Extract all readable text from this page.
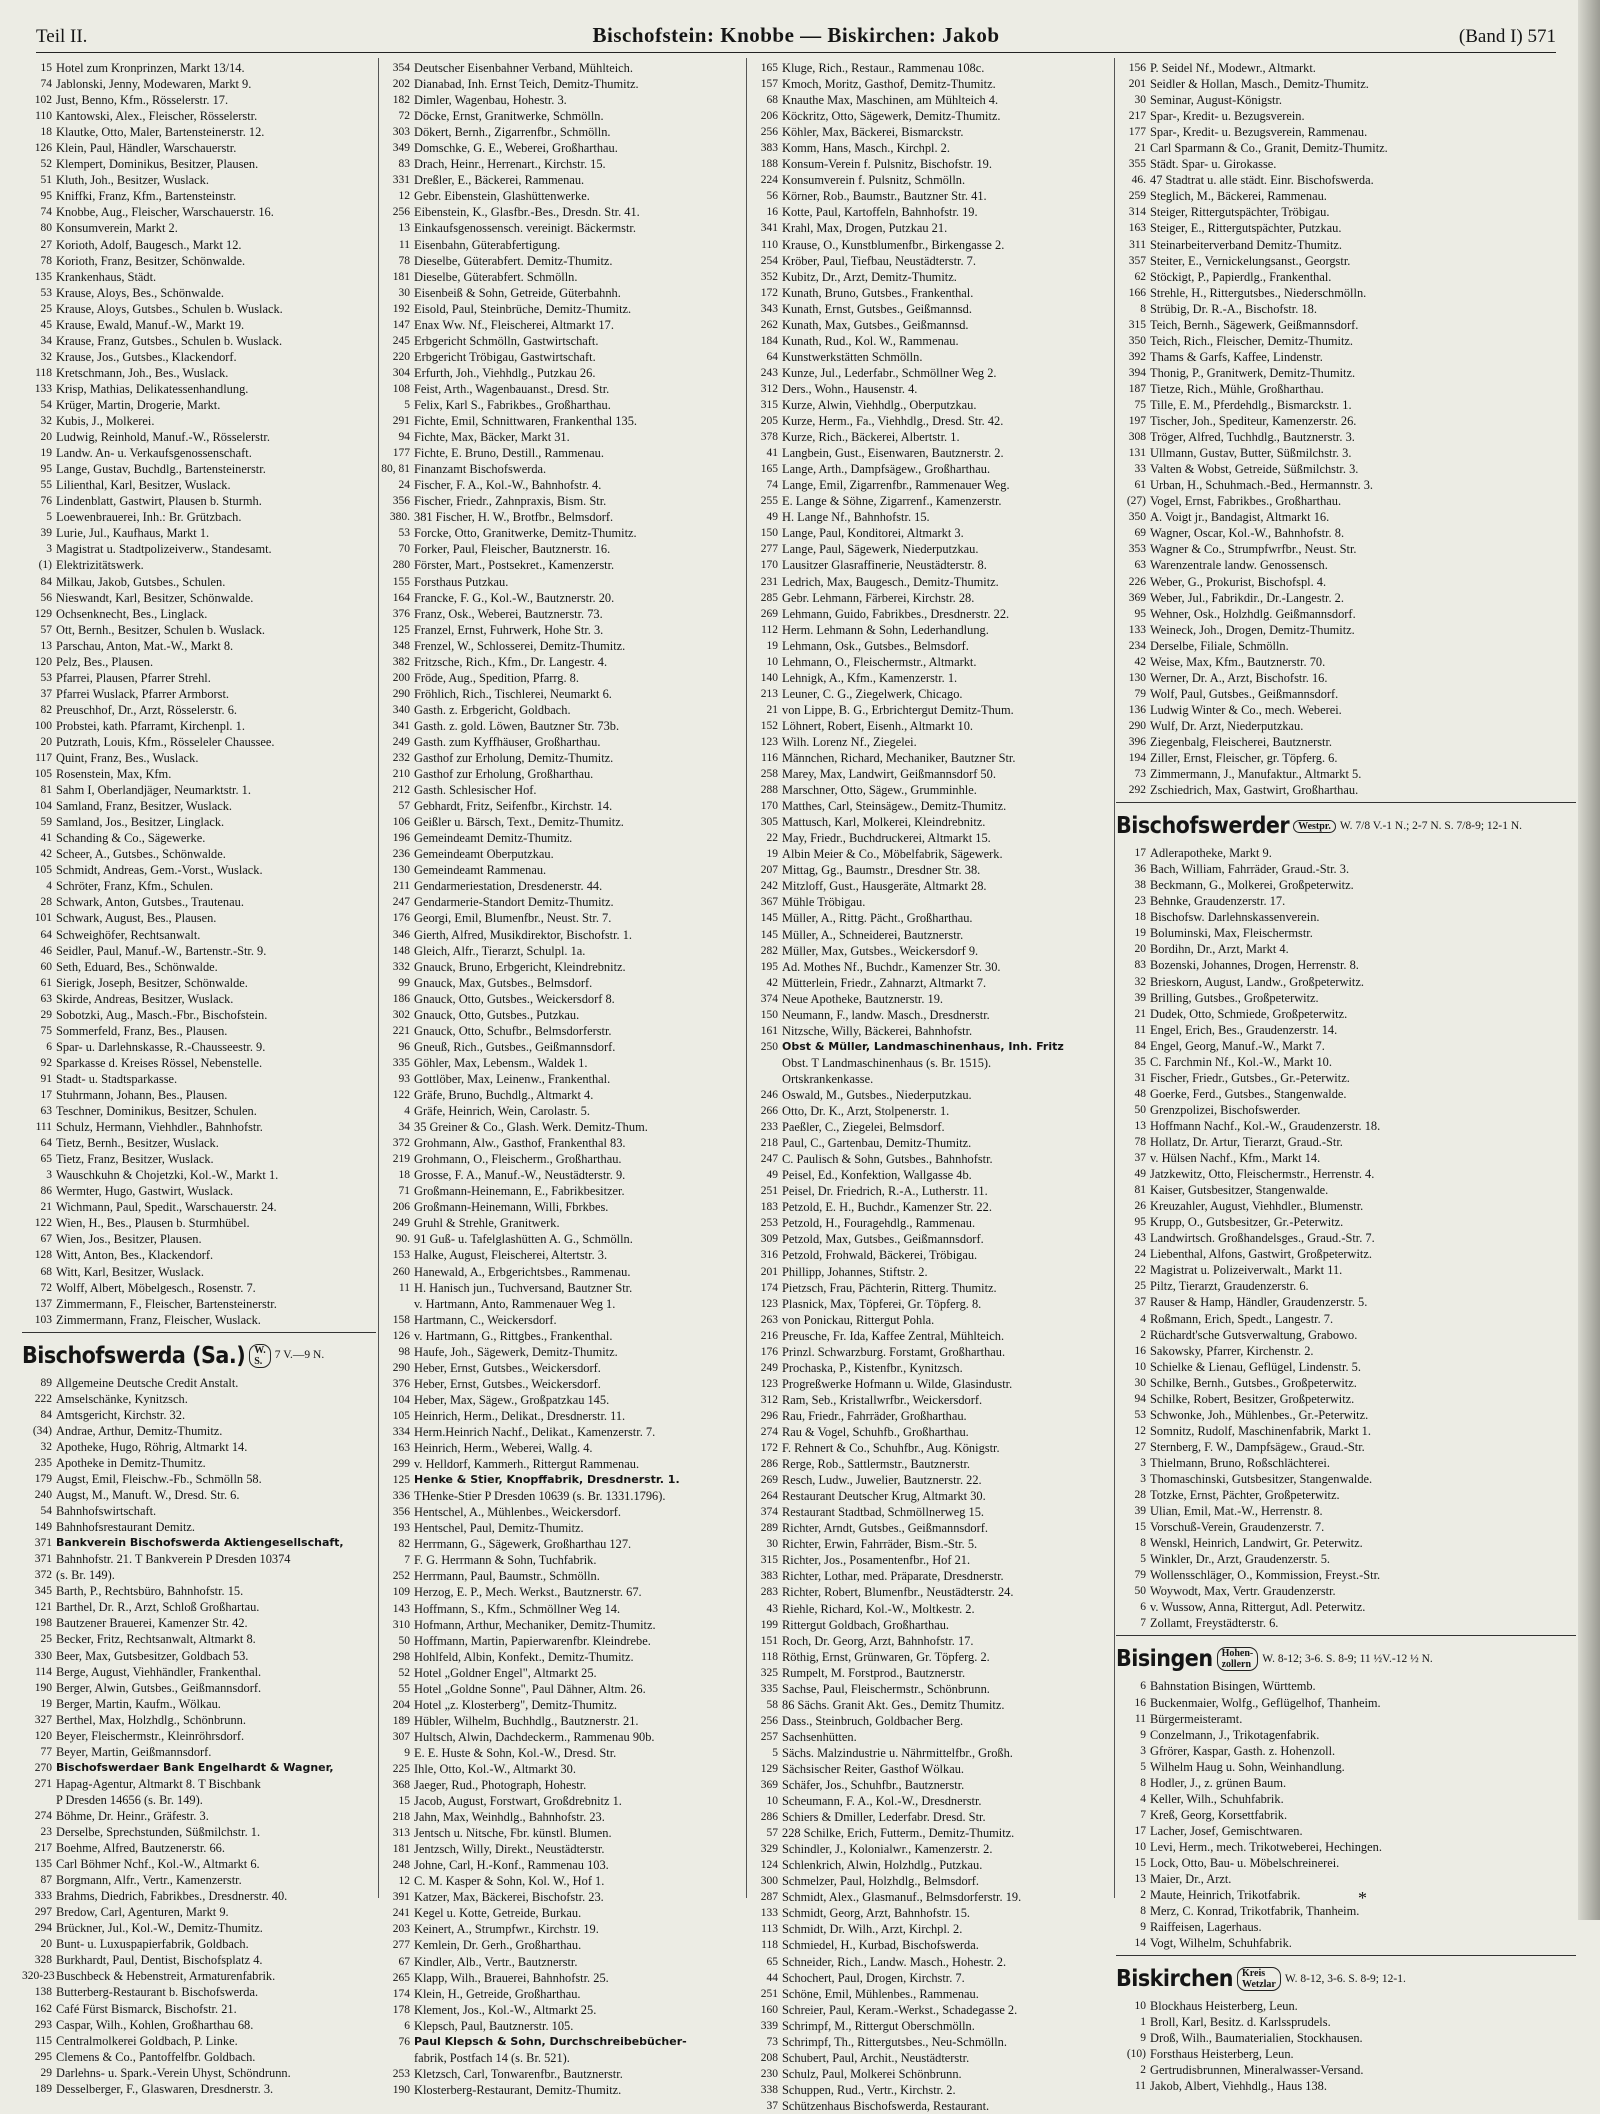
Teil II.	Bischofstein: Knobbe — Biskirchen: Jakob	(Band I) 571
15 Hotel zum Kronprinzen, Markt 13/14.
74 Jablonski, Jenny, Modewaren, Markt 9.
102 Just, Benno, Kfm., Rösselerstr. 17.
110 Kantowski, Alex., Fleischer, Rösselerstr.
18 Klautke, Otto, Maler, Bartensteinerstr. 12.
126 Klein, Paul, Händler, Warschauerstr.
52 Klempert, Dominikus, Besitzer, Plausen.
51 Kluth, Joh., Besitzer, Wuslack.
95 Kniffki, Franz, Kfm., Bartensteinstr.
74 Knobbe, Aug., Fleischer, Warschauerstr. 16.
80 Konsumverein, Markt 2.
27 Korioth, Adolf, Baugesch., Markt 12.
78 Korioth, Franz, Besitzer, Schönwalde.
135 Krankenhaus, Städt.
53 Krause, Aloys, Bes., Schönwalde.
25 Krause, Aloys, Gutsbes., Schulen b. Wuslack.
45 Krause, Ewald, Manuf.-W., Markt 19.
34 Krause, Franz, Gutsbes., Schulen b. Wuslack.
32 Krause, Jos., Gutsbes., Klackendorf.
118 Kretschmann, Joh., Bes., Wuslack.
133 Krisp, Mathias, Delikatessenhandlung.
54 Krüger, Martin, Drogerie, Markt.
32 Kubis, J., Molkerei.
20 Ludwig, Reinhold, Manuf.-W., Rösselerstr.
19 Landw. An- u. Verkaufsgenossenschaft.
95 Lange, Gustav, Buchdlg., Bartensteinerstr.
55 Lilienthal, Karl, Besitzer, Wuslack.
76 Lindenblatt, Gastwirt, Plausen b. Sturmh.
5 Loewenbrauerei, Inh.: Br. Grützbach.
39 Lurie, Jul., Kaufhaus, Markt 1.
3 Magistrat u. Stadtpolizeiverw., Standesamt.
(1) Elektrizitätswerk.
84 Milkau, Jakob, Gutsbes., Schulen.
56 Nieswandt, Karl, Besitzer, Schönwalde.
129 Ochsenknecht, Bes., Linglack.
57 Ott, Bernh., Besitzer, Schulen b. Wuslack.
13 Parschau, Anton, Mat.-W., Markt 8.
120 Pelz, Bes., Plausen.
53 Pfarrei, Plausen, Pfarrer Strehl.
37 Pfarrei Wuslack, Pfarrer Armborst.
82 Preuschhof, Dr., Arzt, Rösselerstr. 6.
100 Probstei, kath. Pfarramt, Kirchenpl. 1.
20 Putzrath, Louis, Kfm., Rösseleler Chaussee.
117 Quint, Franz, Bes., Wuslack.
105 Rosenstein, Max, Kfm.
81 Sahm I, Oberlandjäger, Neumarktstr. 1.
104 Samland, Franz, Besitzer, Wuslack.
59 Samland, Jos., Besitzer, Linglack.
41 Schanding & Co., Sägewerke.
42 Scheer, A., Gutsbes., Schönwalde.
105 Schmidt, Andreas, Gem.-Vorst., Wuslack.
4 Schröter, Franz, Kfm., Schulen.
28 Schwark, Anton, Gutsbes., Trautenau.
101 Schwark, August, Bes., Plausen.
64 Schweighöfer, Rechtsanwalt.
46 Seidler, Paul, Manuf.-W., Bartenstr.-Str. 9.
60 Seth, Eduard, Bes., Schönwalde.
61 Sierigk, Joseph, Besitzer, Schönwalde.
63 Skirde, Andreas, Besitzer, Wuslack.
29 Sobotzki, Aug., Masch.-Fbr., Bischofstein.
75 Sommerfeld, Franz, Bes., Plausen.
6 Spar- u. Darlehnskasse, R.-Chausseestr. 9.
92 Sparkasse d. Kreises Rössel, Nebenstelle.
91 Stadt- u. Stadtsparkasse.
17 Stuhrmann, Johann, Bes., Plausen.
63 Teschner, Dominikus, Besitzer, Schulen.
111 Schulz, Hermann, Viehhdler., Bahnhofstr.
64 Tietz, Bernh., Besitzer, Wuslack.
65 Tietz, Franz, Besitzer, Wuslack.
3 Wauschkuhn & Chojetzki, Kol.-W., Markt 1.
86 Wermter, Hugo, Gastwirt, Wuslack.
21 Wichmann, Paul, Spedit., Warschauerstr. 24.
122 Wien, H., Bes., Plausen b. Sturmhübel.
67 Wien, Jos., Besitzer, Plausen.
128 Witt, Anton, Bes., Klackendorf.
68 Witt, Karl, Besitzer, Wuslack.
72 Wolff, Albert, Möbelgesch., Rosenstr. 7.
137 Zimmermann, F., Fleischer, Bartensteinerstr.
103 Zimmermann, Franz, Fleischer, Wuslack.
Bischofswerda (Sa.) W.
S.	7 V.—9 N.
89 Allgemeine Deutsche Credit Anstalt.
222 Amselschänke, Kynitzsch.
84 Amtsgericht, Kirchstr. 32.
(34) Andrae, Arthur, Demitz-Thumitz.
32 Apotheke, Hugo, Röhrig, Altmarkt 14.
235 Apotheke in Demitz-Thumitz.
179 Augst, Emil, Fleischw.-Fb., Schmölln 58.
240 Augst, M., Manuft. W., Dresd. Str. 6.
54 Bahnhofswirtschaft.
149 Bahnhofsrestaurant Demitz.
371 Bankverein Bischofswerda Aktiengesellschaft,
371 Bahnhofstr. 21. T Bankverein P Dresden 10374
372 (s. Br. 149).
345 Barth, P., Rechtsbüro, Bahnhofstr. 15.
121 Barthel, Dr. R., Arzt, Schloß Großhartau.
198 Bautzener Brauerei, Kamenzer Str. 42.
25 Becker, Fritz, Rechtsanwalt, Altmarkt 8.
330 Beer, Max, Gutsbesitzer, Goldbach 53.
114 Berge, August, Viehhändler, Frankenthal.
190 Berger, Alwin, Gutsbes., Geißmannsdorf.
19 Berger, Martin, Kaufm., Wölkau.
327 Berthel, Max, Holzhdlg., Schönbrunn.
120 Beyer, Fleischermstr., Kleinröhrsdorf.
77 Beyer, Martin, Geißmannsdorf.
270 Bischofswerdaer Bank Engelhardt & Wagner,
271 Hapag-Agentur, Altmarkt 8. T Bischbank
P Dresden 14656 (s. Br. 149).
274 Böhme, Dr. Heinr., Gräfestr. 3.
23 Derselbe, Sprechstunden, Süßmilchstr. 1.
217 Boehme, Alfred, Bautzenerstr. 66.
135 Carl Böhmer Nchf., Kol.-W., Altmarkt 6.
87 Borgmann, Alfr., Vertr., Kamenzerstr.
333 Brahms, Diedrich, Fabrikbes., Dresdnerstr. 40.
297 Bredow, Carl, Agenturen, Markt 9.
294 Brückner, Jul., Kol.-W., Demitz-Thumitz.
20 Bunt- u. Luxuspapierfabrik, Goldbach.
328 Burkhardt, Paul, Dentist, Bischofsplatz 4.
320-23 Buschbeck & Hebenstreit, Armaturenfabrik.
138 Butterberg-Restaurant b. Bischofswerda.
162 Café Fürst Bismarck, Bischofstr. 21.
293 Caspar, Wilh., Kohlen, Großharthau 68.
115 Centralmolkerei Goldbach, P. Linke.
295 Clemens & Co., Pantoffelfbr. Goldbach.
29 Darlehns- u. Spark.-Verein Uhyst, Schöndrunn.
189 Desselberger, F., Glaswaren, Dresdnerstr. 3.
354 Deutscher Eisenbahner Verband, Mühlteich.
202 Dianabad, Inh. Ernst Teich, Demitz-Thumitz.
182 Dimler, Wagenbau, Hohestr. 3.
72 Döcke, Ernst, Granitwerke, Schmölln.
303 Dökert, Bernh., Zigarrenfbr., Schmölln.
349 Domschke, G. E., Weberei, Großharthau.
83 Drach, Heinr., Herrenart., Kirchstr. 15.
331 Dreßler, E., Bäckerei, Rammenau.
12 Gebr. Eibenstein, Glashüttenwerke.
256 Eibenstein, K., Glasfbr.-Bes., Dresdn. Str. 41.
13 Einkaufsgenossensch. vereinigt. Bäckermstr.
11 Eisenbahn, Güterabfertigung.
78 Dieselbe, Güterabfert. Demitz-Thumitz.
181 Dieselbe, Güterabfert. Schmölln.
30 Eisenbeiß & Sohn, Getreide, Güterbahnh.
192 Eisold, Paul, Steinbrüche, Demitz-Thumitz.
147 Enax Ww. Nf., Fleischerei, Altmarkt 17.
245 Erbgericht Schmölln, Gastwirtschaft.
220 Erbgericht Tröbigau, Gastwirtschaft.
304 Erfurth, Joh., Viehhdlg., Putzkau 26.
108 Feist, Arth., Wagenbauanst., Dresd. Str.
5 Felix, Karl S., Fabrikbes., Großharthau.
291 Fichte, Emil, Schnittwaren, Frankenthal 135.
94 Fichte, Max, Bäcker, Markt 31.
177 Fichte, E. Bruno, Destill., Rammenau.
80, 81 Finanzamt Bischofswerda.
24 Fischer, F. A., Kol.-W., Bahnhofstr. 4.
356 Fischer, Friedr., Zahnpraxis, Bism. Str.
380. 381 Fischer, H. W., Brotfbr., Belmsdorf.
53 Forcke, Otto, Granitwerke, Demitz-Thumitz.
70 Forker, Paul, Fleischer, Bautznerstr. 16.
280 Förster, Mart., Postsekret., Kamenzerstr.
155 Forsthaus Putzkau.
164 Francke, F. G., Kol.-W., Bautznerstr. 20.
376 Franz, Osk., Weberei, Bautznerstr. 73.
125 Franzel, Ernst, Fuhrwerk, Hohe Str. 3.
348 Frenzel, W., Schlosserei, Demitz-Thumitz.
382 Fritzsche, Rich., Kfm., Dr. Langestr. 4.
200 Fröde, Aug., Spedition, Pfarrg. 8.
290 Fröhlich, Rich., Tischlerei, Neumarkt 6.
340 Gasth. z. Erbgericht, Goldbach.
341 Gasth. z. gold. Löwen, Bautzner Str. 73b.
249 Gasth. zum Kyffhäuser, Großharthau.
232 Gasthof zur Erholung, Demitz-Thumitz.
210 Gasthof zur Erholung, Großharthau.
212 Gasth. Schlesischer Hof.
57 Gebhardt, Fritz, Seifenfbr., Kirchstr. 14.
106 Geißler u. Bärsch, Text., Demitz-Thumitz.
196 Gemeindeamt Demitz-Thumitz.
236 Gemeindeamt Oberputzkau.
130 Gemeindeamt Rammenau.
211 Gendarmeriestation, Dresdenerstr. 44.
247 Gendarmerie-Standort Demitz-Thumitz.
176 Georgi, Emil, Blumenfbr., Neust. Str. 7.
346 Gierth, Alfred, Musikdirektor, Bischofstr. 1.
148 Gleich, Alfr., Tierarzt, Schulpl. 1a.
332 Gnauck, Bruno, Erbgericht, Kleindrebnitz.
99 Gnauck, Max, Gutsbes., Belmsdorf.
186 Gnauck, Otto, Gutsbes., Weickersdorf 8.
302 Gnauck, Otto, Gutsbes., Putzkau.
221 Gnauck, Otto, Schufbr., Belmsdorferstr.
96 Gneuß, Rich., Gutsbes., Geißmannsdorf.
335 Göhler, Max, Lebensm., Waldek 1.
93 Gottlöber, Max, Leinenw., Frankenthal.
122 Gräfe, Bruno, Buchdlg., Altmarkt 4.
4 Gräfe, Heinrich, Wein, Carolastr. 5.
34 35 Greiner & Co., Glash. Werk. Demitz-Thum.
372 Grohmann, Alw., Gasthof, Frankenthal 83.
219 Grohmann, O., Fleischerm., Großharthau.
18 Grosse, F. A., Manuf.-W., Neustädterstr. 9.
71 Großmann-Heinemann, E., Fabrikbesitzer.
206 Großmann-Heinemann, Willi, Fbrkbes.
249 Gruhl & Strehle, Granitwerk.
90. 91 Guß- u. Tafelglashütten A. G., Schmölln.
153 Halke, August, Fleischerei, Altertstr. 3.
260 Hanewald, A., Erbgerichtsbes., Rammenau.
11 H. Hanisch jun., Tuchversand, Bautzner Str.
v. Hartmann, Anto, Rammenauer Weg 1.
158 Hartmann, C., Weickersdorf.
126 v. Hartmann, G., Rittgbes., Frankenthal.
98 Haufe, Joh., Sägewerk, Demitz-Thumitz.
290 Heber, Ernst, Gutsbes., Weickersdorf.
376 Heber, Ernst, Gutsbes., Weickersdorf.
104 Heber, Max, Sägew., Großpatzkau 145.
105 Heinrich, Herm., Delikat., Dresdnerstr. 11.
334 Herm.Heinrich Nachf., Delikat., Kamenzerstr. 7.
163 Heinrich, Herm., Weberei, Wallg. 4.
299 v. Helldorf, Kammerh., Rittergut Rammenau.
125 Henke & Stier, Knopffabrik, Dresdnerstr. 1.
336 THenke-Stier P Dresden 10639 (s. Br. 1331.1796).
356 Hentschel, A., Mühlenbes., Weickersdorf.
193 Hentschel, Paul, Demitz-Thumitz.
82 Herrmann, G., Sägewerk, Großharthau 127.
7 F. G. Herrmann & Sohn, Tuchfabrik.
252 Herrmann, Paul, Baumstr., Schmölln.
109 Herzog, E. P., Mech. Werkst., Bautznerstr. 67.
143 Hoffmann, S., Kfm., Schmöllner Weg 14.
310 Hofmann, Arthur, Mechaniker, Demitz-Thumitz.
50 Hoffmann, Martin, Papierwarenfbr. Kleindrebe.
298 Hohlfeld, Albin, Konfekt., Demitz-Thumitz.
52 Hotel „Goldner Engel", Altmarkt 25.
55 Hotel „Goldne Sonne", Paul Dähner, Altm. 26.
204 Hotel „z. Klosterberg", Demitz-Thumitz.
189 Hübler, Wilhelm, Buchhdlg., Bautznerstr. 21.
307 Hultsch, Alwin, Dachdeckerm., Rammenau 90b.
9 E. E. Huste & Sohn, Kol.-W., Dresd. Str.
225 Ihle, Otto, Kol.-W., Altmarkt 30.
368 Jaeger, Rud., Photograph, Hohestr.
15 Jacob, August, Forstwart, Großdrebnitz 1.
218 Jahn, Max, Weinhdlg., Bahnhofstr. 23.
313 Jentsch u. Nitsche, Fbr. künstl. Blumen.
181 Jentzsch, Willy, Direkt., Neustädterstr.
248 Johne, Carl, H.-Konf., Rammenau 103.
12 C. M. Kasper & Sohn, Kol. W., Hof 1.
391 Katzer, Max, Bäckerei, Bischofstr. 23.
241 Kegel u. Kotte, Getreide, Burkau.
203 Keinert, A., Strumpfwr., Kirchstr. 19.
277 Kemlein, Dr. Gerh., Großharthau.
67 Kindler, Alb., Vertr., Bautznerstr.
265 Klapp, Wilh., Brauerei, Bahnhofstr. 25.
174 Klein, H., Getreide, Großharthau.
178 Klement, Jos., Kol.-W., Altmarkt 25.
6 Klepsch, Paul, Bautznerstr. 105.
76 Paul Klepsch & Sohn, Durchschreibebücher-
fabrik, Postfach 14 (s. Br. 521).
253 Kletzsch, Carl, Tonwarenfbr., Bautznerstr.
190 Klosterberg-Restaurant, Demitz-Thumitz.
165 Kluge, Rich., Restaur., Rammenau 108c.
157 Kmoch, Moritz, Gasthof, Demitz-Thumitz.
68 Knauthe Max, Maschinen, am Mühlteich 4.
206 Köckritz, Otto, Sägewerk, Demitz-Thumitz.
256 Köhler, Max, Bäckerei, Bismarckstr.
383 Komm, Hans, Masch., Kirchpl. 2.
188 Konsum-Verein f. Pulsnitz, Bischofstr. 19.
224 Konsumverein f. Pulsnitz, Schmölln.
56 Körner, Rob., Baumstr., Bautzner Str. 41.
16 Kotte, Paul, Kartoffeln, Bahnhofstr. 19.
341 Krahl, Max, Drogen, Putzkau 21.
110 Krause, O., Kunstblumenfbr., Birkengasse 2.
254 Kröber, Paul, Tiefbau, Neustädterstr. 7.
352 Kubitz, Dr., Arzt, Demitz-Thumitz.
172 Kunath, Bruno, Gutsbes., Frankenthal.
343 Kunath, Ernst, Gutsbes., Geißmannsd.
262 Kunath, Max, Gutsbes., Geißmannsd.
184 Kunath, Rud., Kol. W., Rammenau.
64 Kunstwerkstätten Schmölln.
243 Kunze, Jul., Lederfabr., Schmöllner Weg 2.
312 Ders., Wohn., Hausenstr. 4.
315 Kurze, Alwin, Viehhdlg., Oberputzkau.
205 Kurze, Herm., Fa., Viehhdlg., Dresd. Str. 42.
378 Kurze, Rich., Bäckerei, Albertstr. 1.
41 Langbein, Gust., Eisenwaren, Bautznerstr. 2.
165 Lange, Arth., Dampfsägew., Großharthau.
74 Lange, Emil, Zigarrenfbr., Rammenauer Weg.
255 E. Lange & Söhne, Zigarrenf., Kamenzerstr.
49 H. Lange Nf., Bahnhofstr. 15.
150 Lange, Paul, Konditorei, Altmarkt 3.
277 Lange, Paul, Sägewerk, Niederputzkau.
170 Lausitzer Glasraffinerie, Neustädterstr. 8.
231 Ledrich, Max, Baugesch., Demitz-Thumitz.
285 Gebr. Lehmann, Färberei, Kirchstr. 28.
269 Lehmann, Guido, Fabrikbes., Dresdnerstr. 22.
112 Herm. Lehmann & Sohn, Lederhandlung.
19 Lehmann, Osk., Gutsbes., Belmsdorf.
10 Lehmann, O., Fleischermstr., Altmarkt.
140 Lehnigk, A., Kfm., Kamenzerstr. 1.
213 Leuner, C. G., Ziegelwerk, Chicago.
21 von Lippe, B. G., Erbrichtergut Demitz-Thum.
152 Löhnert, Robert, Eisenh., Altmarkt 10.
123 Wilh. Lorenz Nf., Ziegelei.
116 Männchen, Richard, Mechaniker, Bautzner Str.
258 Marey, Max, Landwirt, Geißmannsdorf 50.
288 Marschner, Otto, Sägew., Grumminhle.
170 Matthes, Carl, Steinsägew., Demitz-Thumitz.
305 Mattusch, Karl, Molkerei, Kleindrebnitz.
22 May, Friedr., Buchdruckerei, Altmarkt 15.
19 Albin Meier & Co., Möbelfabrik, Sägewerk.
207 Mittag, Gg., Baumstr., Dresdner Str. 38.
242 Mitzloff, Gust., Hausgeräte, Altmarkt 28.
367 Mühle Tröbigau.
145 Müller, A., Rittg. Pächt., Großharthau.
145 Müller, A., Schneiderei, Bautznerstr.
282 Müller, Max, Gutsbes., Weickersdorf 9.
195 Ad. Mothes Nf., Buchdr., Kamenzer Str. 30.
42 Mütterlein, Friedr., Zahnarzt, Altmarkt 7.
374 Neue Apotheke, Bautznerstr. 19.
150 Neumann, F., landw. Masch., Dresdnerstr.
161 Nitzsche, Willy, Bäckerei, Bahnhofstr.
250 Obst & Müller, Landmaschinenhaus, Inh. Fritz
Obst. T Landmaschinenhaus (s. Br. 1515).
Ortskrankenkasse.
246 Oswald, M., Gutsbes., Niederputzkau.
266 Otto, Dr. K., Arzt, Stolpenerstr. 1.
233 Paeßler, C., Ziegelei, Belmsdorf.
218 Paul, C., Gartenbau, Demitz-Thumitz.
247 C. Paulisch & Sohn, Gutsbes., Bahnhofstr.
49 Peisel, Ed., Konfektion, Wallgasse 4b.
251 Peisel, Dr. Friedrich, R.-A., Lutherstr. 11.
183 Petzold, E. H., Buchdr., Kamenzer Str. 22.
253 Petzold, H., Fouragehdlg., Rammenau.
309 Petzold, Max, Gutsbes., Geißmannsdorf.
316 Petzold, Frohwald, Bäckerei, Tröbigau.
201 Phillipp, Johannes, Stiftstr. 2.
174 Pietzsch, Frau, Pächterin, Ritterg. Thumitz.
123 Plasnick, Max, Töpferei, Gr. Töpferg. 8.
263 von Ponickau, Rittergut Pohla.
216 Preusche, Fr. Ida, Kaffee Zentral, Mühlteich.
176 Prinzl. Schwarzburg. Forstamt, Großharthau.
249 Prochaska, P., Kistenfbr., Kynitzsch.
123 Progreßwerke Hofmann u. Wilde, Glasindustr.
312 Ram, Seb., Kristallwrfbr., Weickersdorf.
296 Rau, Friedr., Fahrräder, Großharthau.
274 Rau & Vogel, Schuhfb., Großharthau.
172 F. Rehnert & Co., Schuhfbr., Aug. Königstr.
286 Rerge, Rob., Sattlermstr., Bautznerstr.
269 Resch, Ludw., Juwelier, Bautznerstr. 22.
264 Restaurant Deutscher Krug, Altmarkt 30.
374 Restaurant Stadtbad, Schmöllnerweg 15.
289 Richter, Arndt, Gutsbes., Geißmannsdorf.
30 Richter, Erwin, Fahrräder, Bism.-Str. 5.
315 Richter, Jos., Posamentenfbr., Hof 21.
383 Richter, Lothar, med. Präparate, Dresdnerstr.
283 Richter, Robert, Blumenfbr., Neustädterstr. 24.
43 Riehle, Richard, Kol.-W., Moltkestr. 2.
199 Rittergut Goldbach, Großharthau.
151 Roch, Dr. Georg, Arzt, Bahnhofstr. 17.
118 Röthig, Ernst, Grünwaren, Gr. Töpferg. 2.
325 Rumpelt, M. Forstprod., Bautznerstr.
335 Sachse, Paul, Fleischermstr., Schönbrunn.
58 86 Sächs. Granit Akt. Ges., Demitz Thumitz.
256 Dass., Steinbruch, Goldbacher Berg.
257 Sachsenhütten.
5 Sächs. Malzindustrie u. Nährmittelfbr., Großh.
129 Sächsischer Reiter, Gasthof Wölkau.
369 Schäfer, Jos., Schuhfbr., Bautznerstr.
10 Scheumann, F. A., Kol.-W., Dresdnerstr.
286 Schiers & Dmiller, Lederfabr. Dresd. Str.
57 228 Schilke, Erich, Futterm., Demitz-Thumitz.
329 Schindler, J., Kolonialwr., Kamenzerstr. 2.
124 Schlenkrich, Alwin, Holzhdlg., Putzkau.
300 Schmelzer, Paul, Holzhdlg., Belmsdorf.
287 Schmidt, Alex., Glasmanuf., Belmsdorferstr. 19.
133 Schmidt, Georg, Arzt, Bahnhofstr. 15.
113 Schmidt, Dr. Wilh., Arzt, Kirchpl. 2.
118 Schmiedel, H., Kurbad, Bischofswerda.
65 Schneider, Rich., Landw. Masch., Hohestr. 2.
44 Schochert, Paul, Drogen, Kirchstr. 7.
251 Schöne, Emil, Mühlenbes., Rammenau.
160 Schreier, Paul, Keram.-Werkst., Schadegasse 2.
339 Schrimpf, M., Rittergut Oberschmölln.
73 Schrimpf, Th., Rittergutsbes., Neu-Schmölln.
208 Schubert, Paul, Archit., Neustädterstr.
230 Schulz, Paul, Molkerei Schönbrunn.
338 Schuppen, Rud., Vertr., Kirchstr. 2.
37 Schützenhaus Bischofswerda, Restaurant.
156 P. Seidel Nf., Modewr., Altmarkt.
201 Seidler & Hollan, Masch., Demitz-Thumitz.
30 Seminar, August-Königstr.
217 Spar-, Kredit- u. Bezugsverein.
177 Spar-, Kredit- u. Bezugsverein, Rammenau.
21 Carl Sparmann & Co., Granit, Demitz-Thumitz.
355 Städt. Spar- u. Girokasse.
46. 47 Stadtrat u. alle städt. Einr. Bischofswerda.
259 Steglich, M., Bäckerei, Rammenau.
314 Steiger, Rittergutspächter, Tröbigau.
163 Steiger, E., Rittergutspächter, Putzkau.
311 Steinarbeiterverband Demitz-Thumitz.
357 Steiter, E., Vernickelungsanst., Georgstr.
62 Stöckigt, P., Papierdlg., Frankenthal.
166 Strehle, H., Rittergutsbes., Niederschmölln.
8 Strübig, Dr. R.-A., Bischofstr. 18.
315 Teich, Bernh., Sägewerk, Geißmannsdorf.
350 Teich, Rich., Fleischer, Demitz-Thumitz.
392 Thams & Garfs, Kaffee, Lindenstr.
394 Thonig, P., Granitwerk, Demitz-Thumitz.
187 Tietze, Rich., Mühle, Großharthau.
75 Tille, E. M., Pferdehdlg., Bismarckstr. 1.
197 Tischer, Joh., Spediteur, Kamenzerstr. 26.
308 Tröger, Alfred, Tuchhdlg., Bautznerstr. 3.
131 Ullmann, Gustav, Butter, Süßmilchstr. 3.
33 Valten & Wobst, Getreide, Süßmilchstr. 3.
61 Urban, H., Schuhmach.-Bed., Hermannstr. 3.
(27) Vogel, Ernst, Fabrikbes., Großharthau.
350 A. Voigt jr., Bandagist, Altmarkt 16.
69 Wagner, Oscar, Kol.-W., Bahnhofstr. 8.
353 Wagner & Co., Strumpfwrfbr., Neust. Str.
63 Warenzentrale landw. Genossensch.
226 Weber, G., Prokurist, Bischofspl. 4.
369 Weber, Jul., Fabrikdir., Dr.-Langestr. 2.
95 Wehner, Osk., Holzhdlg. Geißmannsdorf.
133 Weineck, Joh., Drogen, Demitz-Thumitz.
234 Derselbe, Filiale, Schmölln.
42 Weise, Max, Kfm., Bautznerstr. 70.
130 Werner, Dr. A., Arzt, Bischofstr. 16.
79 Wolf, Paul, Gutsbes., Geißmannsdorf.
136 Ludwig Winter & Co., mech. Weberei.
290 Wulf, Dr. Arzt, Niederputzkau.
396 Ziegenbalg, Fleischerei, Bautznerstr.
194 Ziller, Ernst, Fleischer, gr. Töpferg. 6.
73 Zimmermann, J., Manufaktur., Altmarkt 5.
292 Zschiedrich, Max, Gastwirt, Großharthau.
Bischofswerder Westpr. W. 7/8 V.-1 N.; 2-7 N. S. 7/8-9; 12-1 N.
17 Adlerapotheke, Markt 9.
36 Bach, William, Fahrräder, Graud.-Str. 3.
38 Beckmann, G., Molkerei, Großpeterwitz.
23 Behnke, Graudenzerstr. 17.
18 Bischofsw. Darlehnskassenverein.
19 Boluminski, Max, Fleischermstr.
20 Bordihn, Dr., Arzt, Markt 4.
83 Bozenski, Johannes, Drogen, Herrenstr. 8.
32 Brieskorn, August, Landw., Großpeterwitz.
39 Brilling, Gutsbes., Großpeterwitz.
21 Dudek, Otto, Schmiede, Großpeterwitz.
11 Engel, Erich, Bes., Graudenzerstr. 14.
84 Engel, Georg, Manuf.-W., Markt 7.
35 C. Farchmin Nf., Kol.-W., Markt 10.
31 Fischer, Friedr., Gutsbes., Gr.-Peterwitz.
48 Goerke, Ferd., Gutsbes., Stangenwalde.
50 Grenzpolizei, Bischofswerder.
13 Hoffmann Nachf., Kol.-W., Graudenzerstr. 18.
78 Hollatz, Dr. Artur, Tierarzt, Graud.-Str.
37 v. Hülsen Nachf., Kfm., Markt 14.
49 Jatzkewitz, Otto, Fleischermstr., Herrenstr. 4.
81 Kaiser, Gutsbesitzer, Stangenwalde.
26 Kreuzahler, August, Viehhdler., Blumenstr.
95 Krupp, O., Gutsbesitzer, Gr.-Peterwitz.
43 Landwirtsch. Großhandelsges., Graud.-Str. 7.
24 Liebenthal, Alfons, Gastwirt, Großpeterwitz.
22 Magistrat u. Polizeiverwalt., Markt 11.
25 Piltz, Tierarzt, Graudenzerstr. 6.
37 Rauser & Hamp, Händler, Graudenzerstr. 5.
4 Roßmann, Erich, Spedt., Langestr. 7.
2 Rüchardt'sche Gutsverwaltung, Grabowo.
16 Sakowsky, Pfarrer, Kirchenstr. 2.
10 Schielke & Lienau, Geflügel, Lindenstr. 5.
30 Schilke, Bernh., Gutsbes., Großpeterwitz.
94 Schilke, Robert, Besitzer, Großpeterwitz.
53 Schwonke, Joh., Mühlenbes., Gr.-Peterwitz.
12 Somnitz, Rudolf, Maschinenfabrik, Markt 1.
27 Sternberg, F. W., Dampfsägew., Graud.-Str.
3 Thielmann, Bruno, Roßschlächterei.
3 Thomaschinski, Gutsbesitzer, Stangenwalde.
28 Totzke, Ernst, Pächter, Großpeterwitz.
39 Ulian, Emil, Mat.-W., Herrenstr. 8.
15 Vorschuß-Verein, Graudenzerstr. 7.
8 Wenskl, Heinrich, Landwirt, Gr. Peterwitz.
5 Winkler, Dr., Arzt, Graudenzerstr. 5.
79 Wollensschläger, O., Kommission, Freyst.-Str.
50 Woywodt, Max, Vertr. Graudenzerstr.
6 v. Wussow, Anna, Rittergut, Adl. Peterwitz.
7 Zollamt, Freystädterstr. 6.
Bisingen Hohen-
zollern W. 8-12; 3-6. S. 8-9; 11 ½V.-12 ½ N.
6 Bahnstation Bisingen, Württemb.
16 Buckenmaier, Wolfg., Geflügelhof, Thanheim.
11 Bürgermeisteramt.
9 Conzelmann, J., Trikotagenfabrik.
3 Gfrörer, Kaspar, Gasth. z. Hohenzoll.
5 Wilhelm Haug u. Sohn, Weinhandlung.
8 Hodler, J., z. grünen Baum.
4 Keller, Wilh., Schuhfabrik.
7 Kreß, Georg, Korsettfabrik.
17 Lacher, Josef, Gemischtwaren.
10 Levi, Herm., mech. Trikotweberei, Hechingen.
15 Lock, Otto, Bau- u. Möbelschreinerei.
13 Maier, Dr., Arzt.
2 Maute, Heinrich, Trikotfabrik.
8 Merz, C. Konrad, Trikotfabrik, Thanheim.
9 Raiffeisen, Lagerhaus.
14 Vogt, Wilhelm, Schuhfabrik.
Biskirchen Kreis
Wetzlar W. 8-12, 3-6. S. 8-9; 12-1.
10 Blockhaus Heisterberg, Leun.
1 Broll, Karl, Besitz. d. Karlssprudels.
9 Droß, Wilh., Baumaterialien, Stockhausen.
(10) Forsthaus Heisterberg, Leun.
2 Gertrudisbrunnen, Mineralwasser-Versand.
11 Jakob, Albert, Viehhdlg., Haus 138.
*
